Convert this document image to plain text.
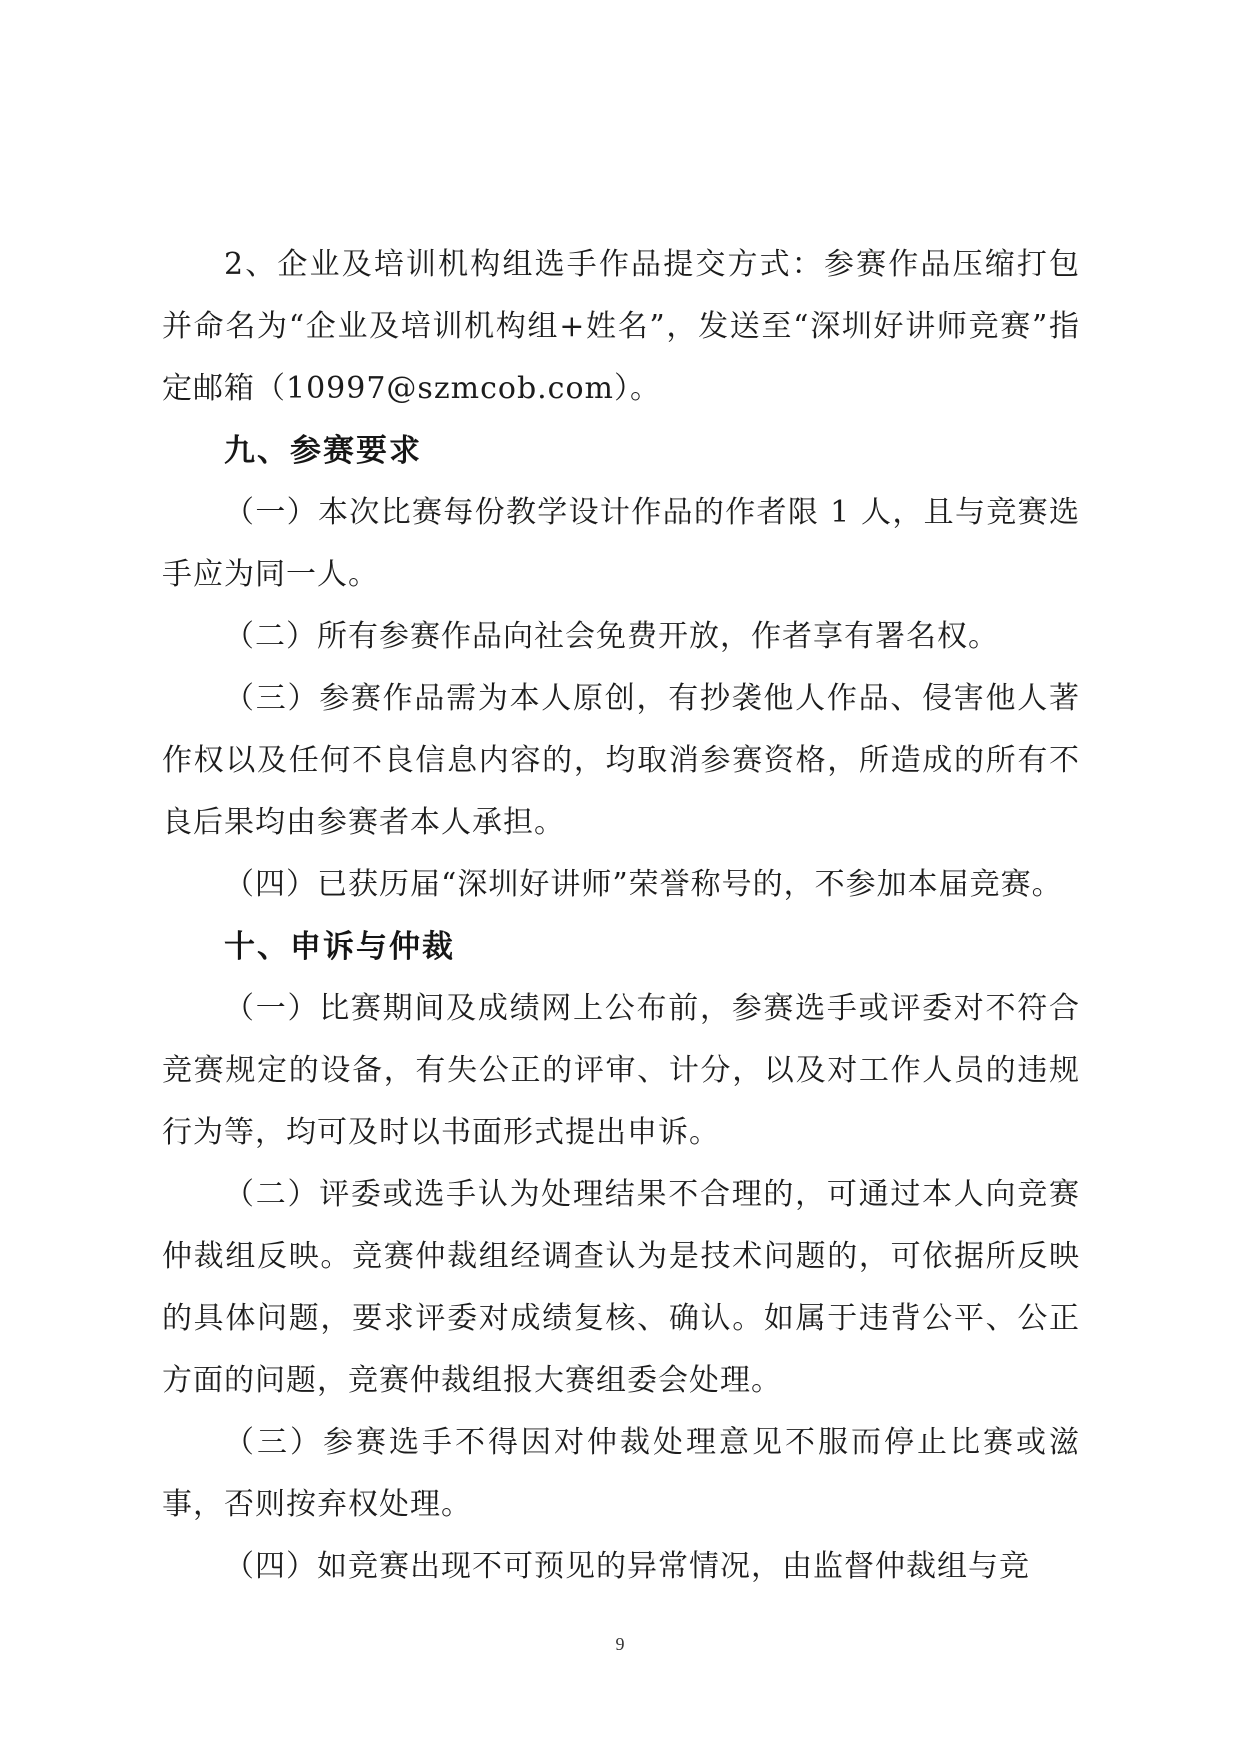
2、企业及培训机构组选手作品提交方式：参赛作品压缩打包并命名为“企业及培训机构组+姓名”，发送至“深圳好讲师竞赛”指定邮箱（10997@szmcob.com）。

九、参赛要求

（一）本次比赛每份教学设计作品的作者限 1 人，且与竞赛选手应为同一人。

（二）所有参赛作品向社会免费开放，作者享有署名权。

（三）参赛作品需为本人原创，有抄袭他人作品、侵害他人著作权以及任何不良信息内容的，均取消参赛资格，所造成的所有不良后果均由参赛者本人承担。

（四）已获历届“深圳好讲师”荣誉称号的，不参加本届竞赛。

十、申诉与仲裁

（一）比赛期间及成绩网上公布前，参赛选手或评委对不符合竞赛规定的设备，有失公正的评审、计分，以及对工作人员的违规行为等，均可及时以书面形式提出申诉。

（二）评委或选手认为处理结果不合理的，可通过本人向竞赛仲裁组反映。竞赛仲裁组经调查认为是技术问题的，可依据所反映的具体问题，要求评委对成绩复核、确认。如属于违背公平、公正方面的问题，竞赛仲裁组报大赛组委会处理。

（三）参赛选手不得因对仲裁处理意见不服而停止比赛或滋事，否则按弃权处理。

（四）如竞赛出现不可预见的异常情况，由监督仲裁组与竞

9
